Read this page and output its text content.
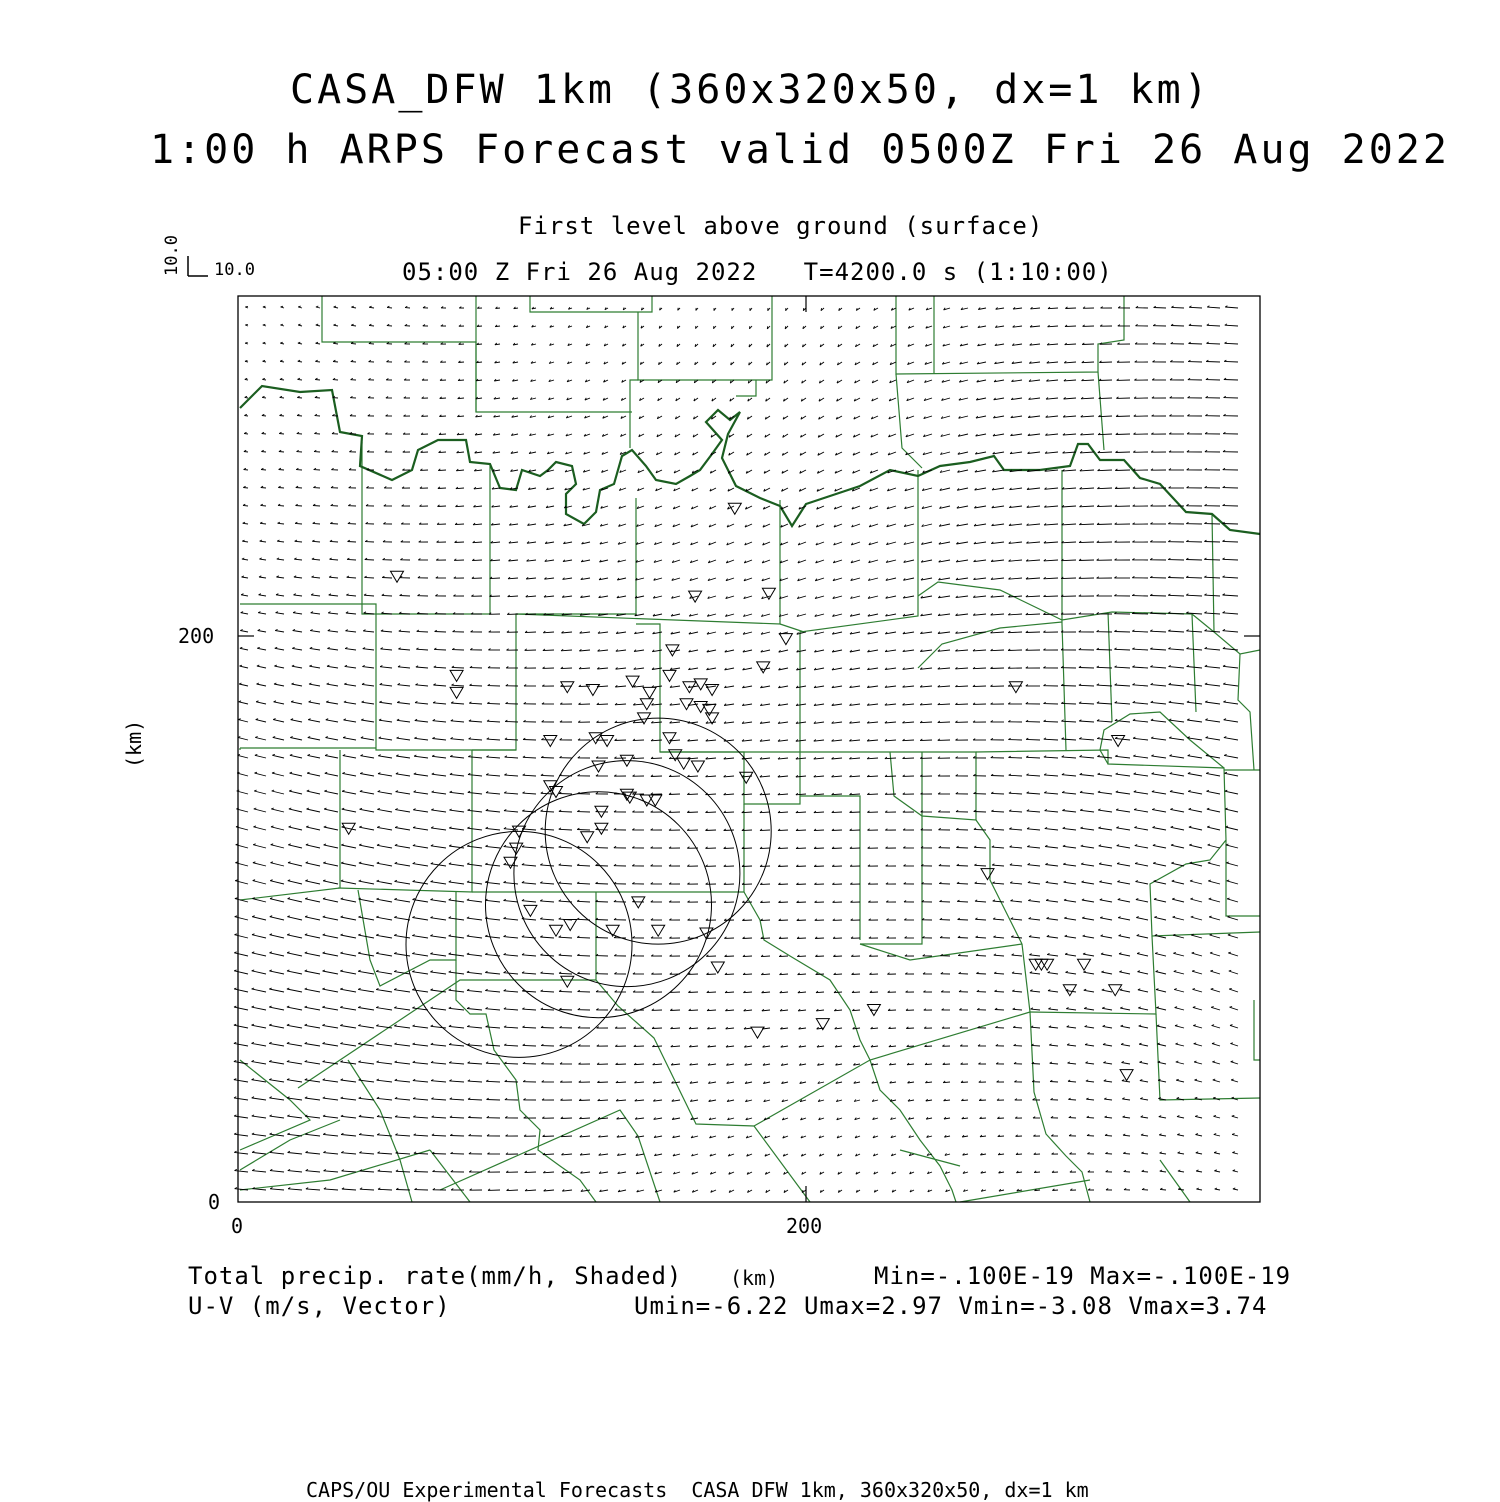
CASA_DFW 1km (360x320x50, dx=1 km)
1:00 h ARPS Forecast valid 0500Z Fri 26 Aug 2022
First level above ground (surface)
05:00 Z Fri 26 Aug 2022   T=4200.0 s (1:10:00)
10.0
10.0
(km)
200
0
0	200
Total precip. rate(mm/h, Shaded) (km)	Min=-.100E-19 Max=-.100E-19
U-V (m/s, Vector)	Umin=-6.22 Umax=2.97 Vmin=-3.08 Vmax=3.74
CAPS/OU Experimental Forecasts  CASA DFW 1km, 360x320x50, dx=1 km
